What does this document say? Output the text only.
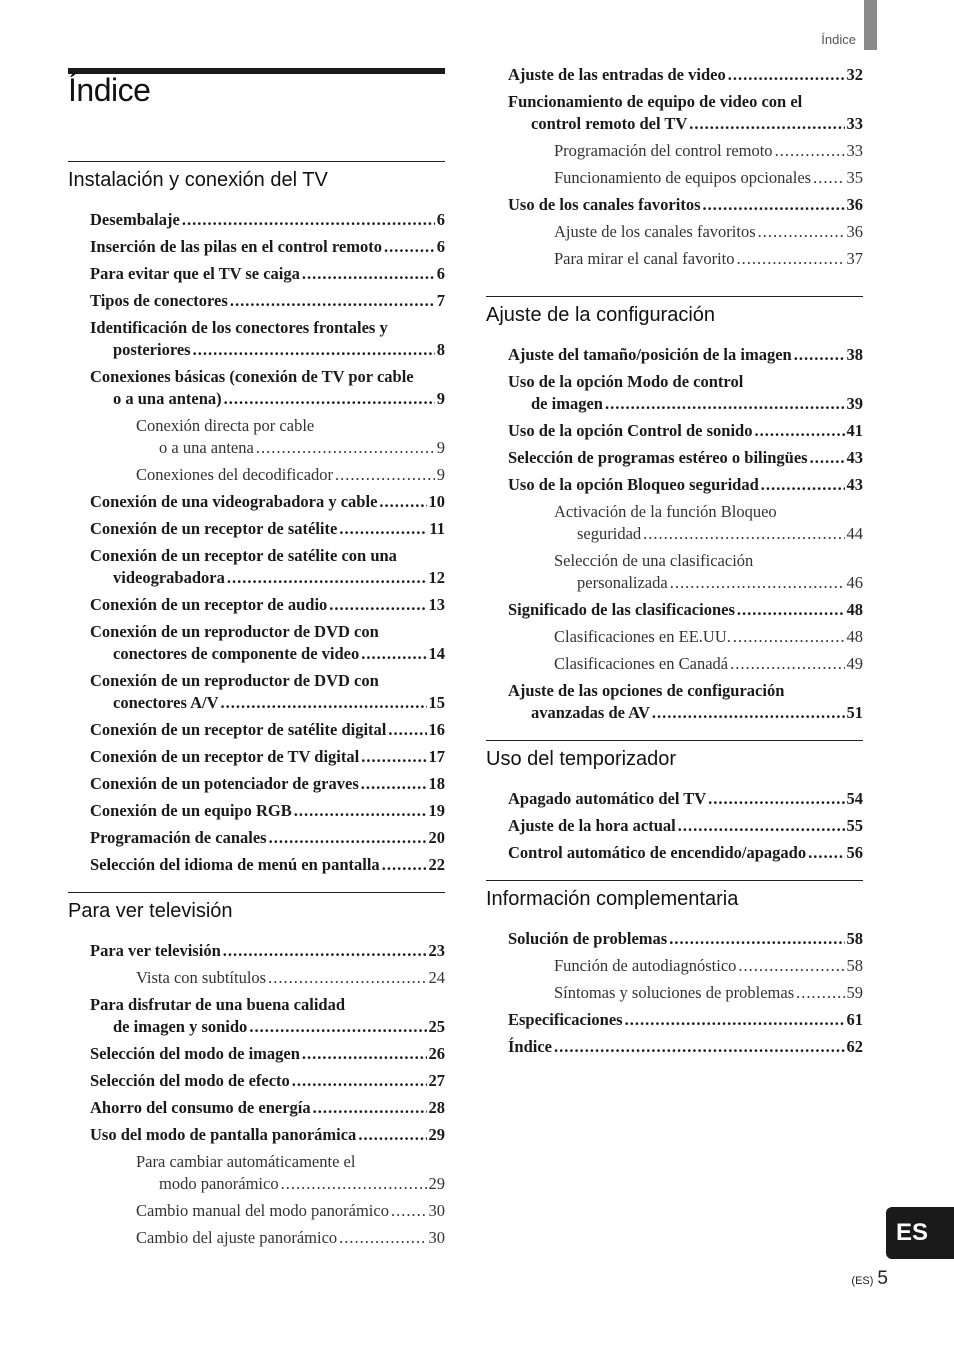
Índice
Índice
Instalación y conexión del TV
Desembalaje .....	6
Inserción de las pilas en el control remoto .....	6
Para evitar que el TV se caiga .....	6
Tipos de conectores .....	7
Identificación de los conectores frontales y
posteriores .....	8
Conexiones básicas (conexión de TV por cable
o a una antena) .....	9
Conexión directa por cable
o a una antena .....	9
Conexiones del decodificador .....	9
Conexión de una videograbadora y cable .....	10
Conexión de un receptor de satélite .....	11
Conexión de un receptor de satélite con una
videograbadora .....	12
Conexión de un receptor de audio .....	13
Conexión de un reproductor de DVD con
conectores de componente de video .....	14
Conexión de un reproductor de DVD con
conectores A/V .....	15
Conexión de un receptor de satélite digital .....	16
Conexión de un receptor de TV digital .....	17
Conexión de un potenciador de graves .....	18
Conexión de un equipo RGB .....	19
Programación de canales .....	20
Selección del idioma de menú en pantalla .....	22
Para ver televisión
Para ver televisión .....	23
Vista con subtítulos .....	24
Para disfrutar de una buena calidad
de imagen y sonido .....	25
Selección del modo de imagen .....	26
Selección del modo de efecto .....	27
Ahorro del consumo de energía .....	28
Uso del modo de pantalla panorámica .....	29
Para cambiar automáticamente el
modo panorámico .....	29
Cambio manual del modo panorámico ..... 30
Cambio del ajuste panorámico .....	30
Ajuste de las entradas de video .....	32
Funcionamiento de equipo de video con el
control remoto del TV .....	33
Programación del control remoto .....	33
Funcionamiento de equipos opcionales ..... 35
Uso de los canales favoritos .....	36
Ajuste de los canales favoritos .....	36
Para mirar el canal favorito .....	37
Ajuste de la configuración
Ajuste del tamaño/posición de la imagen .....	38
Uso de la opción Modo de control
de imagen .....	39
Uso de la opción Control de sonido .....	41
Selección de programas estéreo o bilingües ..... 43
Uso de la opción Bloqueo seguridad .....	43
Activación de la función Bloqueo
seguridad .....	44
Selección de una clasificación
personalizada .....	46
Significado de las clasificaciones .....	48
Clasificaciones en EE.UU. .....	48
Clasificaciones en Canadá .....	49
Ajuste de las opciones de configuración
avanzadas de AV .....	51
Uso del temporizador
Apagado automático del TV .....	54
Ajuste de la hora actual .....	55
Control automático de encendido/apagado ..... 56
Información complementaria
Solución de problemas .....	58
Función de autodiagnóstico .....	58
Síntomas y soluciones de problemas .....	59
Especificaciones .....	61
Índice .....	62
ES
(ES) 5
